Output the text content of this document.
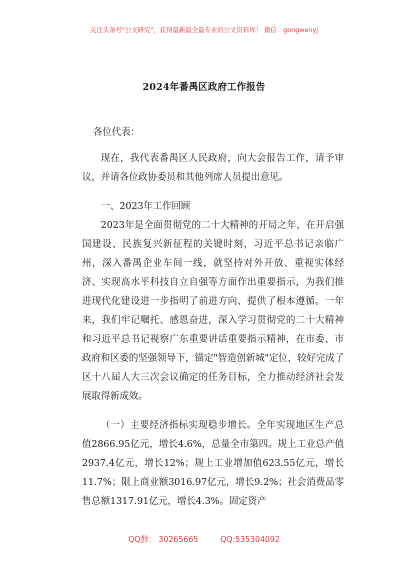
关注头条号"公文研究"，获得最新最全最专业的公文资料库！ 微信：gongwenyj
2024年番禺区政府工作报告

各位代表：

现在，我代表番禺区人民政府，向大会报告工作，请予审议，并请各位政协委员和其他列席人员提出意见。

一、2023年工作回顾

2023年是全面贯彻党的二十大精神的开局之年，在开启强国建设、民族复兴新征程的关键时刻，习近平总书记亲临广州，深入番禺企业车间一线，就坚持对外开放、重视实体经济、实现高水平科技自立自强等方面作出重要指示，为我们推进现代化建设进一步指明了前进方向、提供了根本遵循。一年来，我们牢记嘱托、感恩奋进，深入学习贯彻党的二十大精神和习近平总书记视察广东重要讲话重要指示精神，在市委、市政府和区委的坚强领导下，锚定"智造创新城"定位，较好完成了区十八届人大三次会议确定的任务目标，全力推动经济社会发展取得新成效。

（一）主要经济指标实现稳步增长。全年实现地区生产总值2866.95亿元，增长4.6%，总量全市第四。规上工业总产值2937.4亿元，增长12%；规上工业增加值623.55亿元，增长11.7%；限上商业额3016.97亿元，增长9.2%；社会消费品零售总额1317.91亿元，增长4.3%。固定资产

QQ群： 30265665	QQ:535304092
